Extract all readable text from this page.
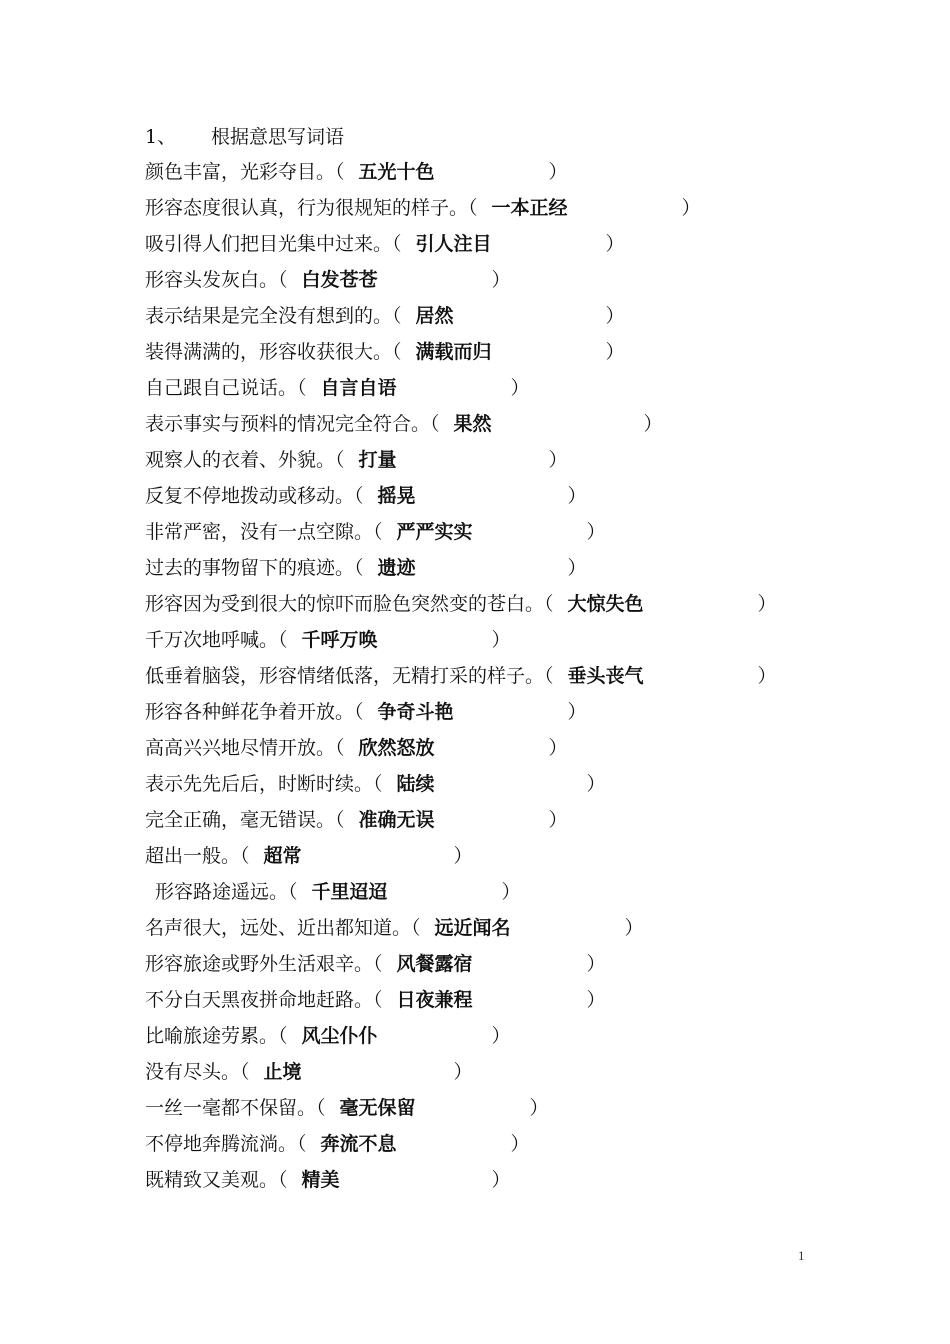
1、 根据意思写词语
颜色丰富，光彩夺目。（ 五光十色	）
形容态度很认真，行为很规矩的样子。（ 一本正经	）
吸引得人们把目光集中过来。（ 引人注目	）
形容头发灰白。（ 白发苍苍	）
表示结果是完全没有想到的。（ 居然	）
装得满满的，形容收获很大。（ 满载而归	）
自己跟自己说话。（ 自言自语	）
表示事实与预料的情况完全符合。（ 果然	）
观察人的衣着、外貌。（ 打量	）
反复不停地拨动或移动。（ 摇晃	）
非常严密，没有一点空隙。（ 严严实实	）
过去的事物留下的痕迹。（ 遗迹	）
形容因为受到很大的惊吓而脸色突然变的苍白。（ 大惊失色	）
千万次地呼喊。（ 千呼万唤	）
低垂着脑袋，形容情绪低落，无精打采的样子。（ 垂头丧气	）
形容各种鲜花争着开放。（ 争奇斗艳	）
高高兴兴地尽情开放。（ 欣然怒放	）
表示先先后后，时断时续。（ 陆续	）
完全正确，毫无错误。（ 准确无误	）
超出一般。（ 超常	）
形容路途遥远。（ 千里迢迢	）
名声很大，远处、近出都知道。（ 远近闻名	）
形容旅途或野外生活艰辛。（ 风餐露宿	）
不分白天黑夜拼命地赶路。（ 日夜兼程	）
比喻旅途劳累。（ 风尘仆仆	）
没有尽头。（ 止境	）
一丝一毫都不保留。（ 毫无保留	）
不停地奔腾流淌。（ 奔流不息	）
既精致又美观。（ 精美	）
1
